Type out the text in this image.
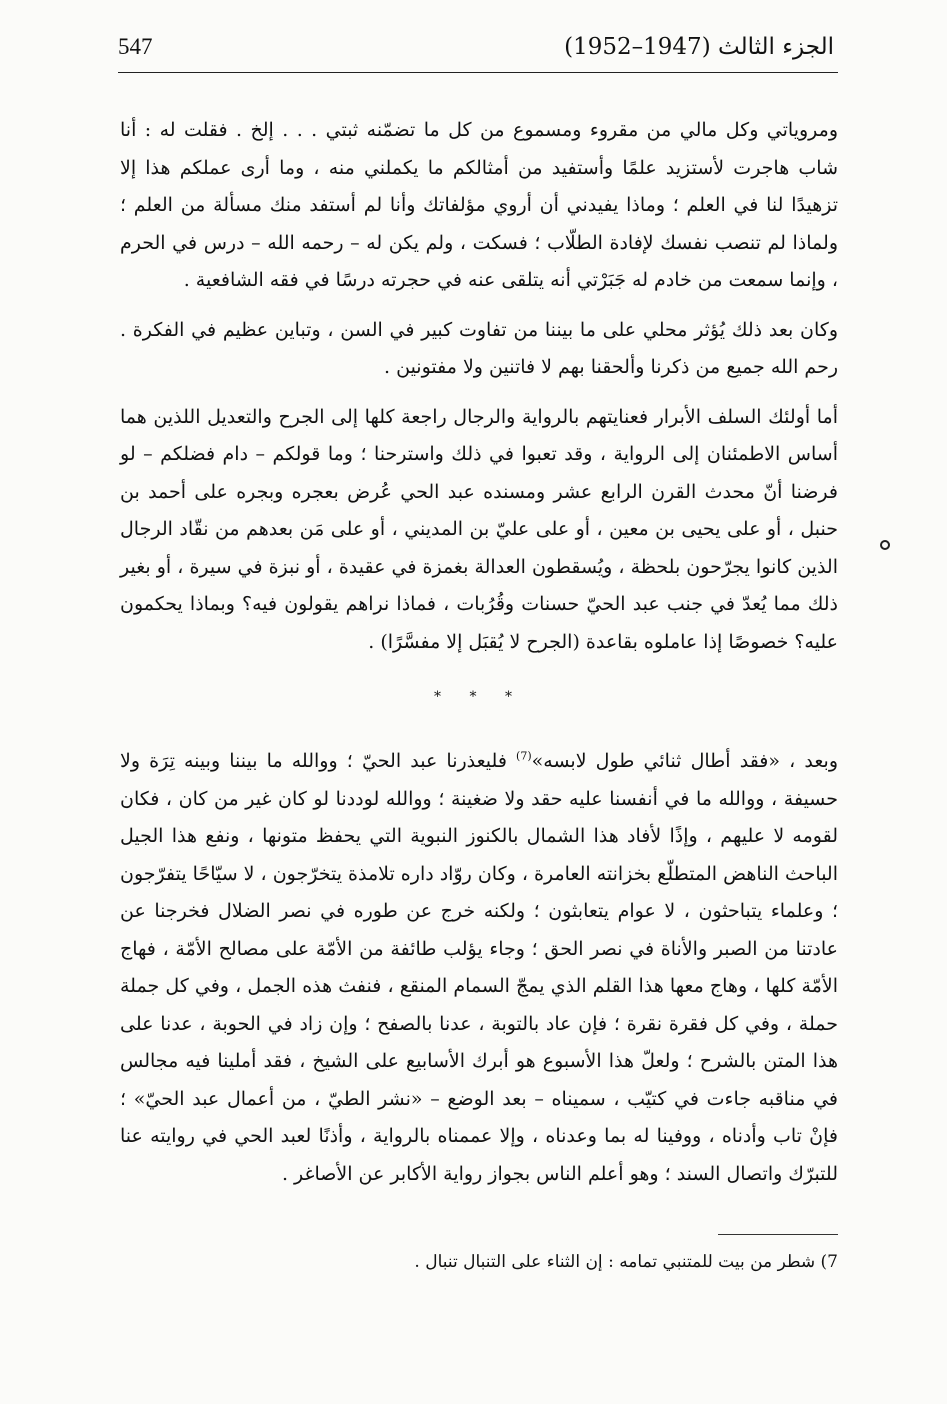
547	الجزء الثالث (1947–1952)

ومروياتي وكل مالي من مقروء ومسموع من كل ما تضمّنه ثبتي . . . إلخ . فقلت له : أنا شاب هاجرت لأستزيد علمًا وأستفيد من أمثالكم ما يكملني منه ، وما أرى عملكم هذا إلا تزهيدًا لنا في العلم ؛ وماذا يفيدني أن أروي مؤلفاتك وأنا لم أستفد منك مسألة من العلم ؛ ولماذا لم تنصب نفسك لإفادة الطلّاب ؛ فسكت ، ولم يكن له – رحمه الله – درس في الحرم ، وإنما سمعت من خادم له جَبَرْتي أنه يتلقى عنه في حجرته درسًا في فقه الشافعية .

وكان بعد ذلك يُؤثر محلي على ما بيننا من تفاوت كبير في السن ، وتباين عظيم في الفكرة . رحم الله جميع من ذكرنا وألحقنا بهم لا فاتنين ولا مفتونين .

أما أولئك السلف الأبرار فعنايتهم بالرواية والرجال راجعة كلها إلى الجرح والتعديل اللذين هما أساس الاطمئنان إلى الرواية ، وقد تعبوا في ذلك واسترحنا ؛ وما قولكم – دام فضلكم – لو فرضنا أنّ محدث القرن الرابع عشر ومسنده عبد الحي عُرض بعجره وبجره على أحمد بن حنبل ، أو على يحيى بن معين ، أو على عليّ بن المديني ، أو على مَن بعدهم من نقّاد الرجال الذين كانوا يجرّحون بلحظة ، ويُسقطون العدالة بغمزة في عقيدة ، أو نبزة في سيرة ، أو بغير ذلك مما يُعدّ في جنب عبد الحيّ حسنات وقُرُبات ، فماذا نراهم يقولون فيه؟ وبماذا يحكمون عليه؟ خصوصًا إذا عاملوه بقاعدة (الجرح لا يُقبَل إلا مفسَّرًا) .

* * *

وبعد ، «فقد أطال ثنائي طول لابسه»$^{(7)}$ فليعذرنا عبد الحيّ ؛ ووالله ما بيننا وبينه تِرَة ولا حسيفة ، ووالله ما في أنفسنا عليه حقد ولا ضغينة ؛ ووالله لوددنا لو كان غير من كان ، فكان لقومه لا عليهم ، وإذًا لأفاد هذا الشمال بالكنوز النبوية التي يحفظ متونها ، ونفع هذا الجيل الباحث الناهض المتطلّع بخزانته العامرة ، وكان روّاد داره تلامذة يتخرّجون ، لا سيّاحًا يتفرّجون ؛ وعلماء يتباحثون ، لا عوام يتعابثون ؛ ولكنه خرج عن طوره في نصر الضلال فخرجنا عن عادتنا من الصبر والأناة في نصر الحق ؛ وجاء يؤلب طائفة من الأمّة على مصالح الأمّة ، فهاج الأمّة كلها ، وهاج معها هذا القلم الذي يمجّ السمام المنقع ، فنفث هذه الجمل ، وفي كل جملة حملة ، وفي كل فقرة نقرة ؛ فإن عاد بالتوبة ، عدنا بالصفح ؛ وإن زاد في الحوبة ، عدنا على هذا المتن بالشرح ؛ ولعلّ هذا الأسبوع هو أبرك الأسابيع على الشيخ ، فقد أملينا فيه مجالس في مناقبه جاءت في كتيّب ، سميناه – بعد الوضع – «نشر الطيّ ، من أعمال عبد الحيّ» ؛ فإنْ تاب وأدناه ، ووفينا له بما وعدناه ، وإلا عممناه بالرواية ، وأذنًا لعبد الحي في روايته عنا للتبرّك واتصال السند ؛ وهو أعلم الناس بجواز رواية الأكابر عن الأصاغر .

7) شطر من بيت للمتنبي تمامه : إن الثناء على التنبال تنبال .
